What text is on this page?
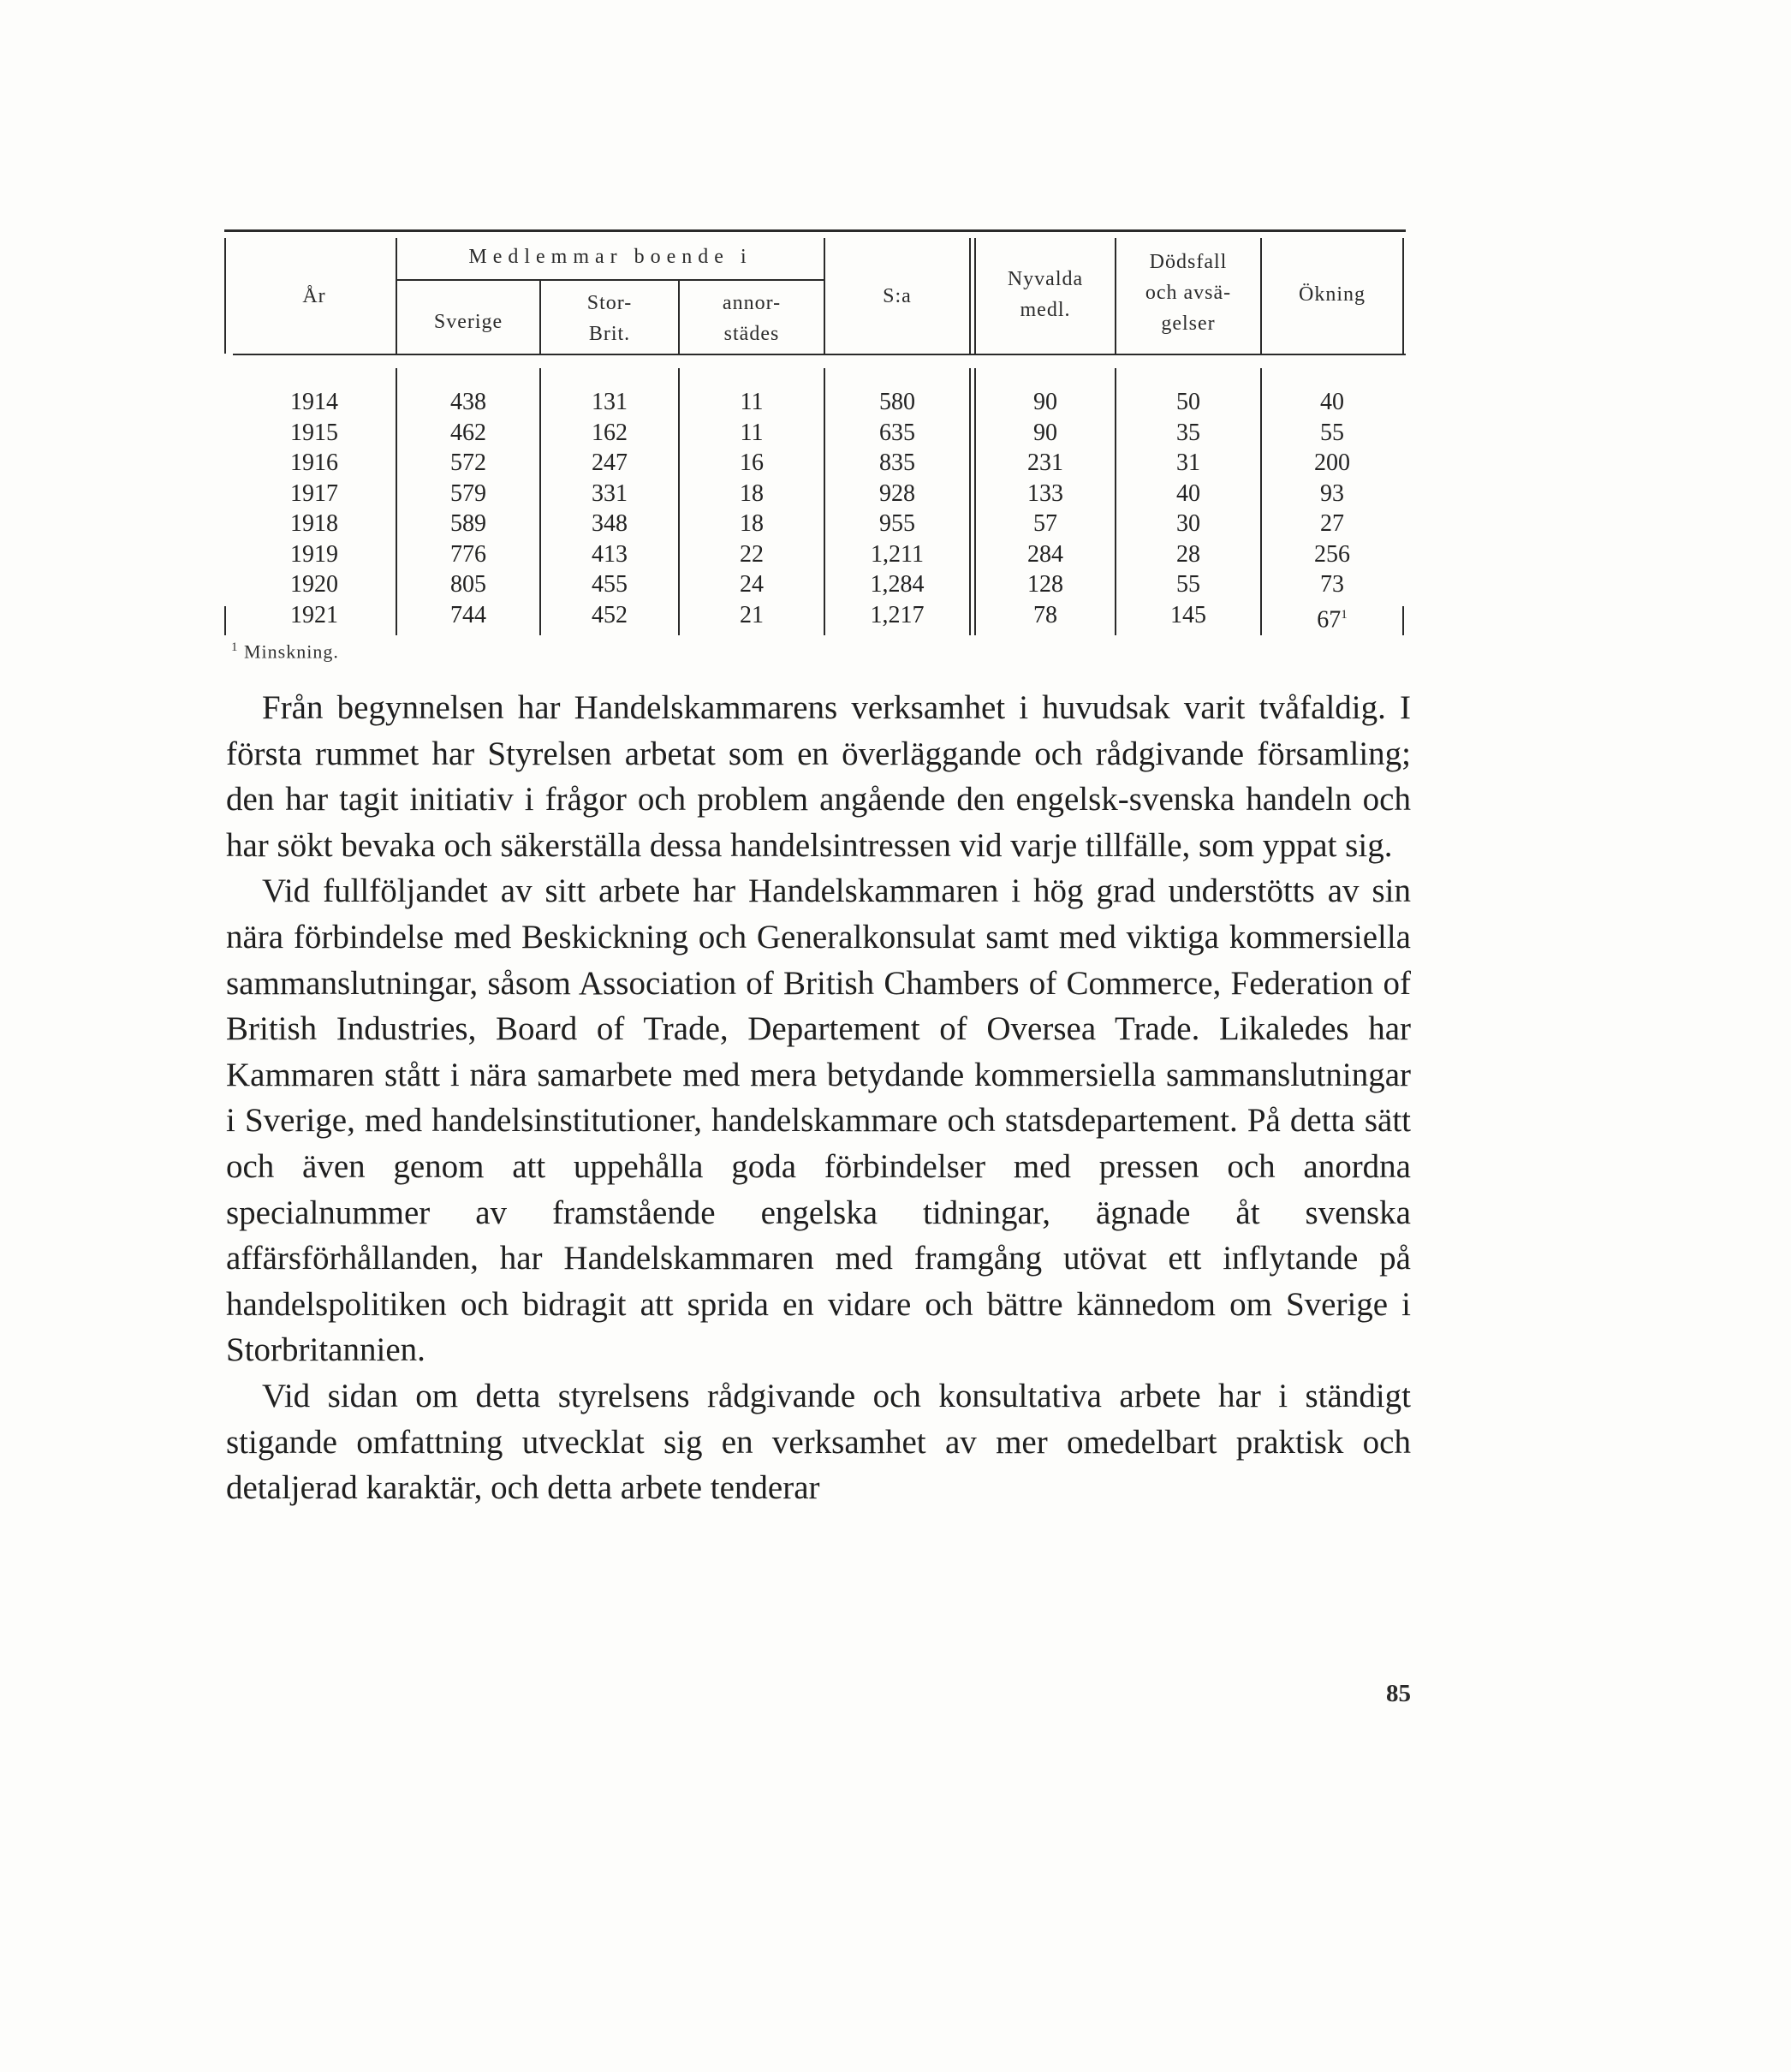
År
Medlemmar boende i
Sverige
Stor-
Brit.
annor-
städes
S:a
Nyvalda
medl.
Dödsfall
och avsä-
gelser
Ökning
1914
1915
1916
1917
1918
1919
1920
1921
438
462
572
579
589
776
805
744
131
162
247
331
348
413
455
452
11
11
16
18
18
22
24
21
580
635
835
928
955
1,211
1,284
1,217
90
90
231
133
57
284
128
78
50
35
31
40
30
28
55
145
40
55
200
93
27
256
73
$67^1$
$^1$ Minskning.

Från begynnelsen har Handelskammarens verksamhet i huvudsak varit tvåfaldig. I första rummet har Styrelsen arbetat som en överläggande och rådgivande församling; den har tagit initiativ i frågor och problem angående den engelsk-svenska handeln och har sökt bevaka och säkerställa dessa handelsintressen vid varje tillfälle, som yppat sig.

Vid fullföljandet av sitt arbete har Handelskammaren i hög grad understötts av sin nära förbindelse med Beskickning och Generalkonsulat samt med viktiga kommersiella sammanslutningar, såsom Association of British Chambers of Commerce, Federation of British Industries, Board of Trade, Departement of Oversea Trade. Likaledes har Kammaren stått i nära samarbete med mera betydande kommersiella sammanslutningar i Sverige, med handelsinstitutioner, handelskammare och statsdepartement. På detta sätt och även genom att uppehålla goda förbindelser med pressen och anordna specialnummer av framstående engelska tidningar, ägnade åt svenska affärsförhållanden, har Handelskammaren med framgång utövat ett inflytande på handelspolitiken och bidragit att sprida en vidare och bättre kännedom om Sverige i Storbritannien.

Vid sidan om detta styrelsens rådgivande och konsultativa arbete har i ständigt stigande omfattning utvecklat sig en verksamhet av mer omedelbart praktisk och detaljerad karaktär, och detta arbete tenderar

85
